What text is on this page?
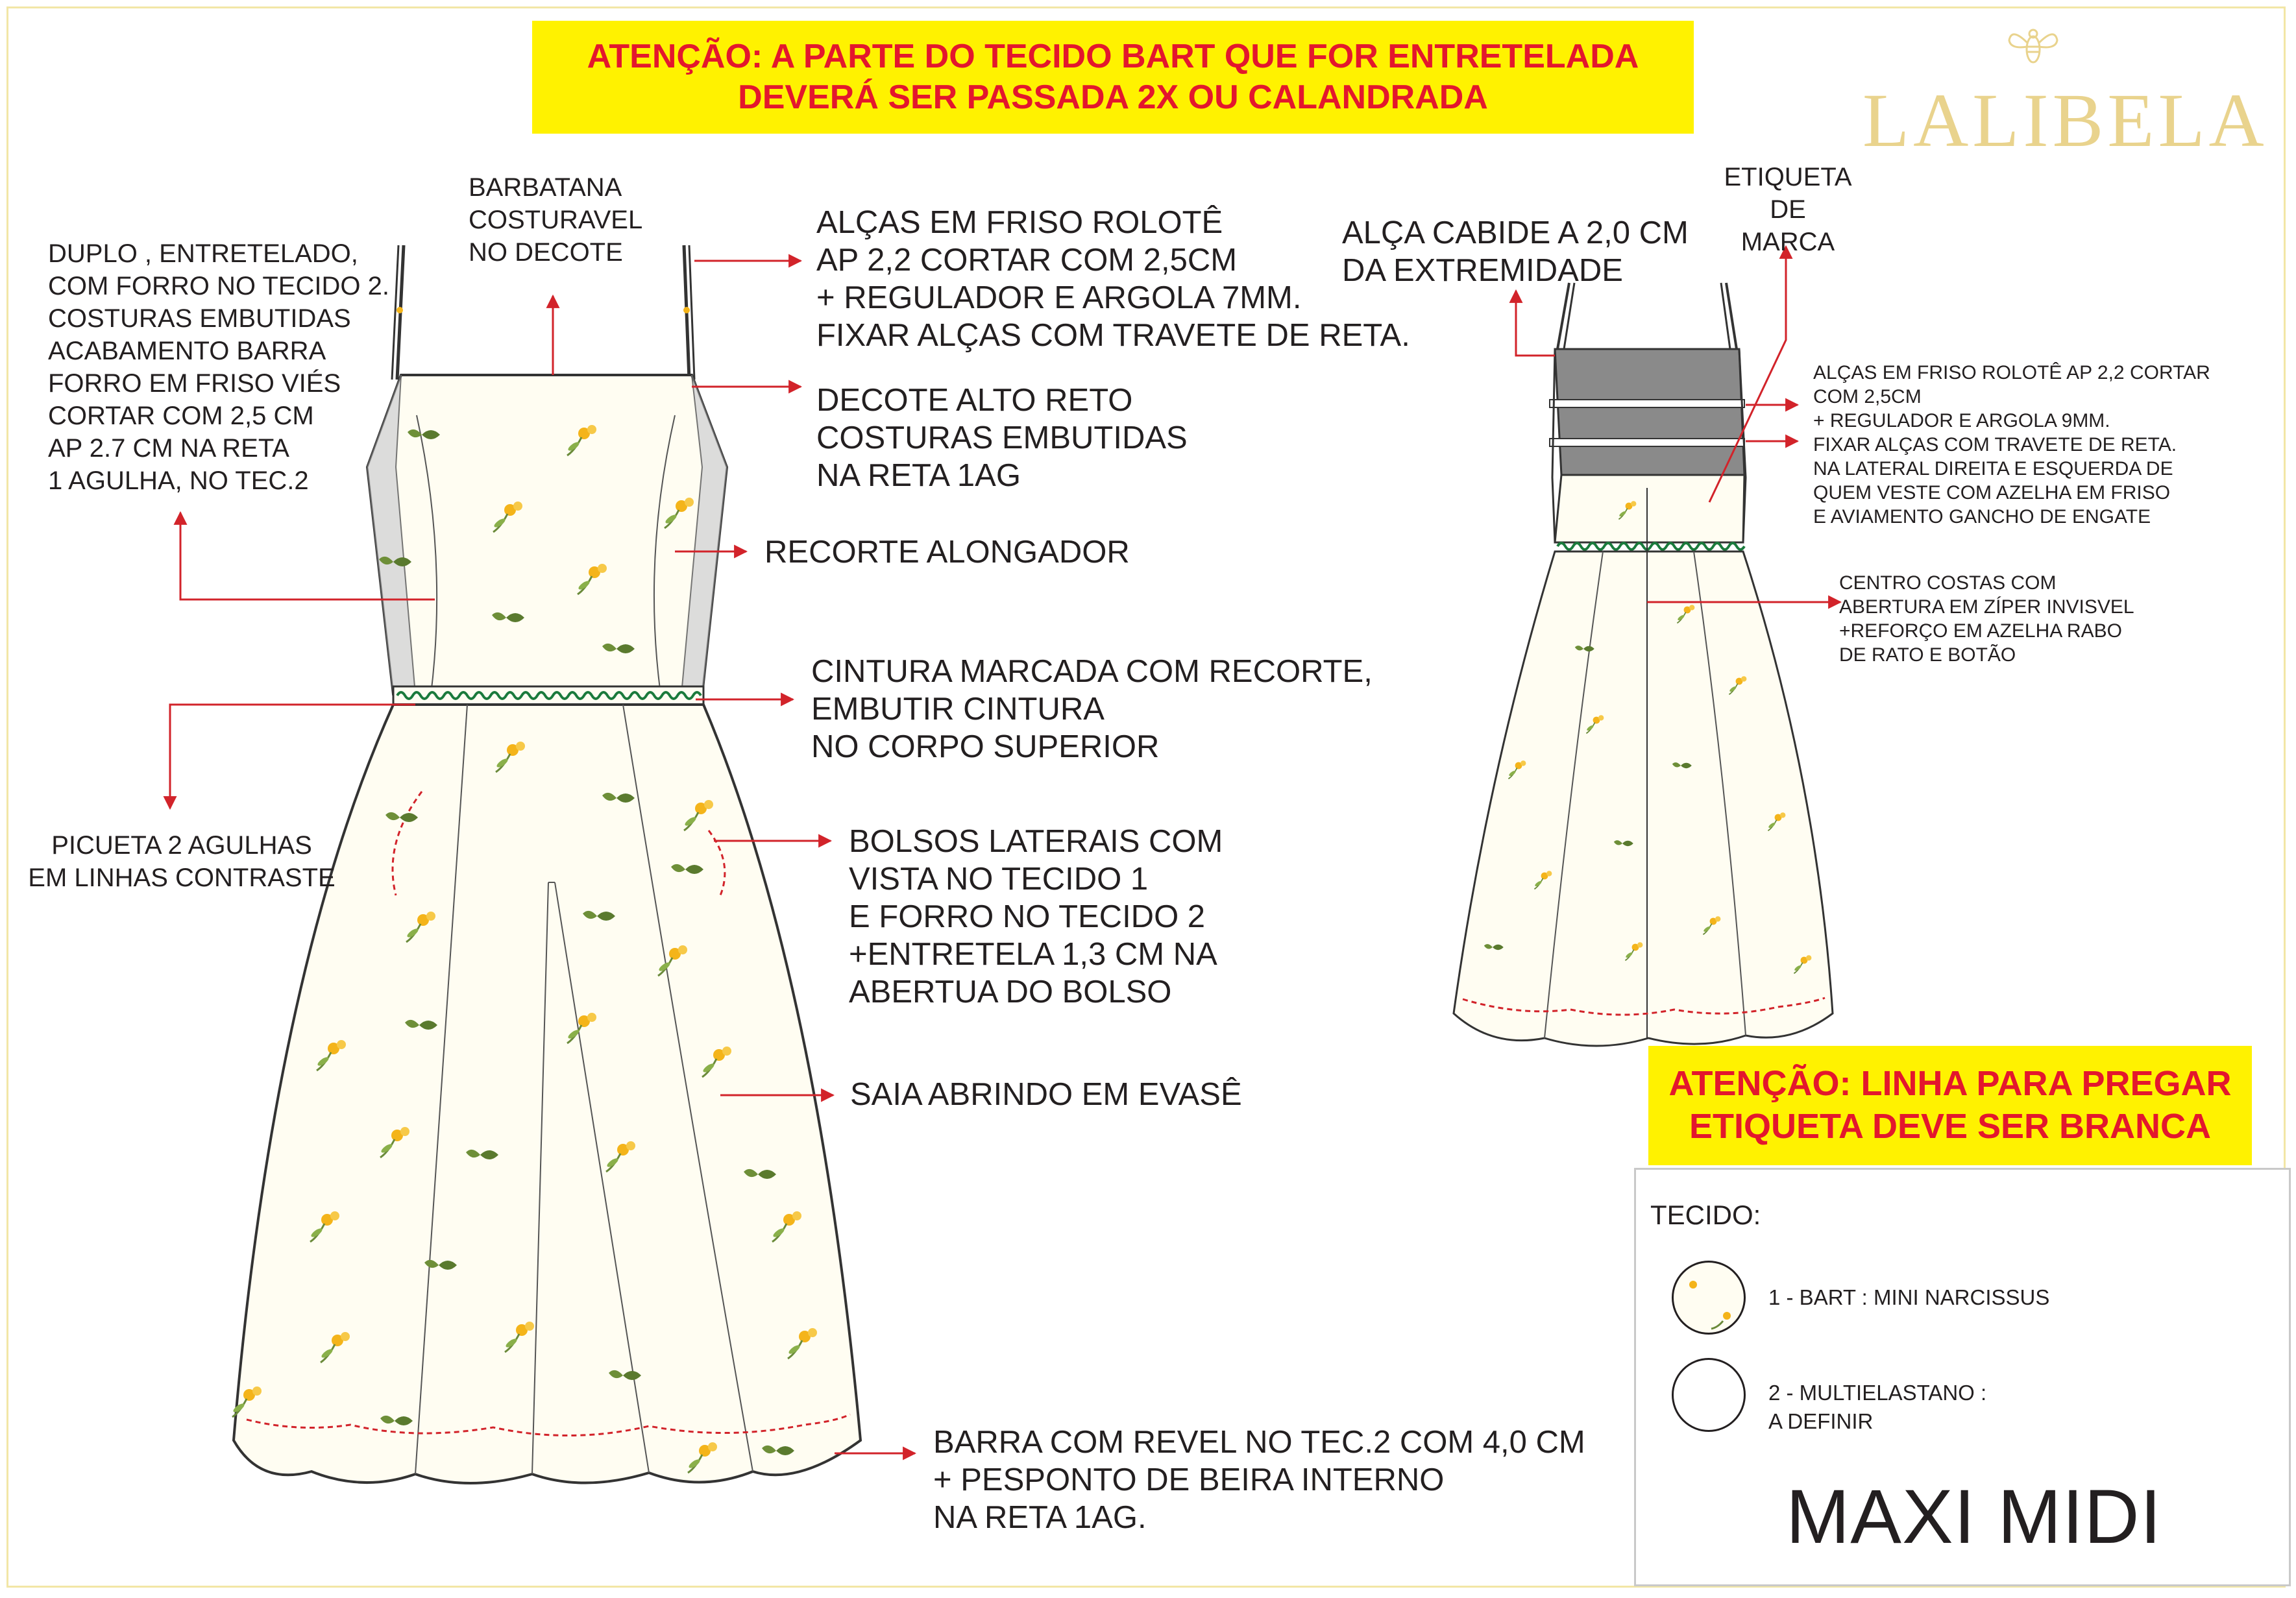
ATENÇÃO: A PARTE DO TECIDO BART QUE FOR ENTRETELADA
DEVERÁ SER PASSADA 2X OU CALANDRADA	LALIBELA
BARBATANA
COSTURAVEL
NO DECOTE
DUPLO , ENTRETELADO,
COM FORRO NO TECIDO 2.
COSTURAS EMBUTIDAS
ACABAMENTO BARRA
FORRO EM FRISO VIÉS
CORTAR COM 2,5 CM
AP 2.7 CM NA RETA
1 AGULHA, NO TEC.2
ALÇAS EM FRISO ROLOTÊ
AP 2,2 CORTAR COM 2,5CM
+ REGULADOR E ARGOLA 7MM.
FIXAR ALÇAS COM TRAVETE DE RETA.
DECOTE ALTO RETO
COSTURAS EMBUTIDAS
NA RETA 1AG
RECORTE ALONGADOR
CINTURA MARCADA COM RECORTE,
EMBUTIR CINTURA
NO CORPO SUPERIOR
PICUETA 2 AGULHAS
EM LINHAS CONTRASTE
BOLSOS LATERAIS COM
VISTA NO TECIDO 1
E FORRO NO TECIDO 2
+ENTRETELA 1,3 CM NA
ABERTUA DO BOLSO
SAIA ABRINDO EM EVASÊ
BARRA COM REVEL NO TEC.2 COM 4,0 CM
+ PESPONTO DE BEIRA INTERNO
NA RETA 1AG.
ALÇA CABIDE A 2,0 CM
DA EXTREMIDADE
ETIQUETA
DE MARCA
ALÇAS EM FRISO ROLOTÊ AP 2,2 CORTAR
COM 2,5CM
+ REGULADOR E ARGOLA 9MM.
FIXAR ALÇAS COM TRAVETE DE RETA.
NA LATERAL DIREITA E ESQUERDA DE
QUEM VESTE COM AZELHA EM FRISO
E AVIAMENTO GANCHO DE ENGATE
CENTRO COSTAS COM
ABERTURA EM ZÍPER INVISVEL
+REFORÇO EM AZELHA RABO
DE RATO E BOTÃO
ATENÇÃO: LINHA PARA PREGAR
ETIQUETA DEVE SER BRANCA
TECIDO:
1 - BART : MINI NARCISSUS
2 - MULTIELASTANO :
A DEFINIR
MAXI MIDI
